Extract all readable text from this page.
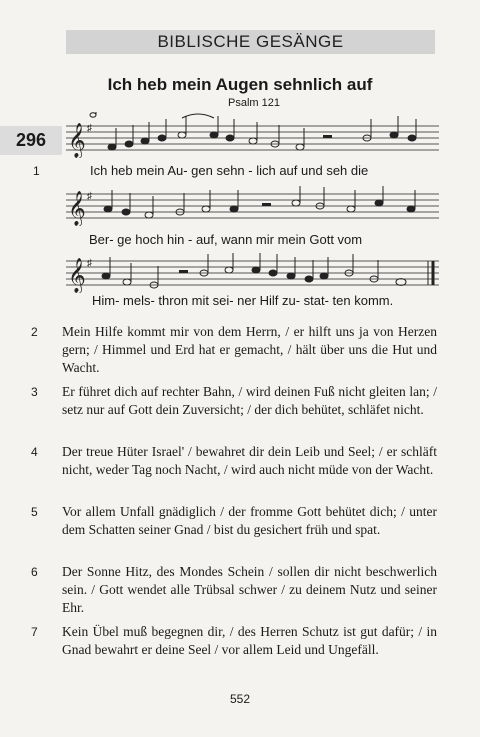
BIBLISCHE GESÄNGE
Ich heb mein Augen sehnlich auf
Psalm 121
296
1
𝄞 ♯
Ich heb mein Au- gen sehn - lich auf und seh die
𝄞 ♯
Ber- ge hoch hin - auf, wann mir mein Gott vom
𝄞 ♯
Him- mels- thron mit sei- ner Hilf zu- stat- ten komm.
2 Mein Hilfe kommt mir von dem Herrn, / er hilft uns ja von Herzen gern; / Himmel und Erd hat er gemacht, / hält über uns die Hut und Wacht.
3 Er führet dich auf rechter Bahn, / wird deinen Fuß nicht gleiten lan; / setz nur auf Gott dein Zuversicht; / der dich behütet, schläfet nicht.
4 Der treue Hüter Israel' / bewahret dir dein Leib und Seel; / er schläft nicht, weder Tag noch Nacht, / wird auch nicht müde von der Wacht.
5 Vor allem Unfall gnädiglich / der fromme Gott behütet dich; / unter dem Schatten seiner Gnad / bist du gesichert früh und spat.
6 Der Sonne Hitz, des Mondes Schein / sollen dir nicht beschwerlich sein. / Gott wendet alle Trübsal schwer / zu deinem Nutz und seiner Ehr.
7 Kein Übel muß begegnen dir, / des Herren Schutz ist gut dafür; / in Gnad bewahrt er deine Seel / vor allem Leid und Ungefäll.
552
